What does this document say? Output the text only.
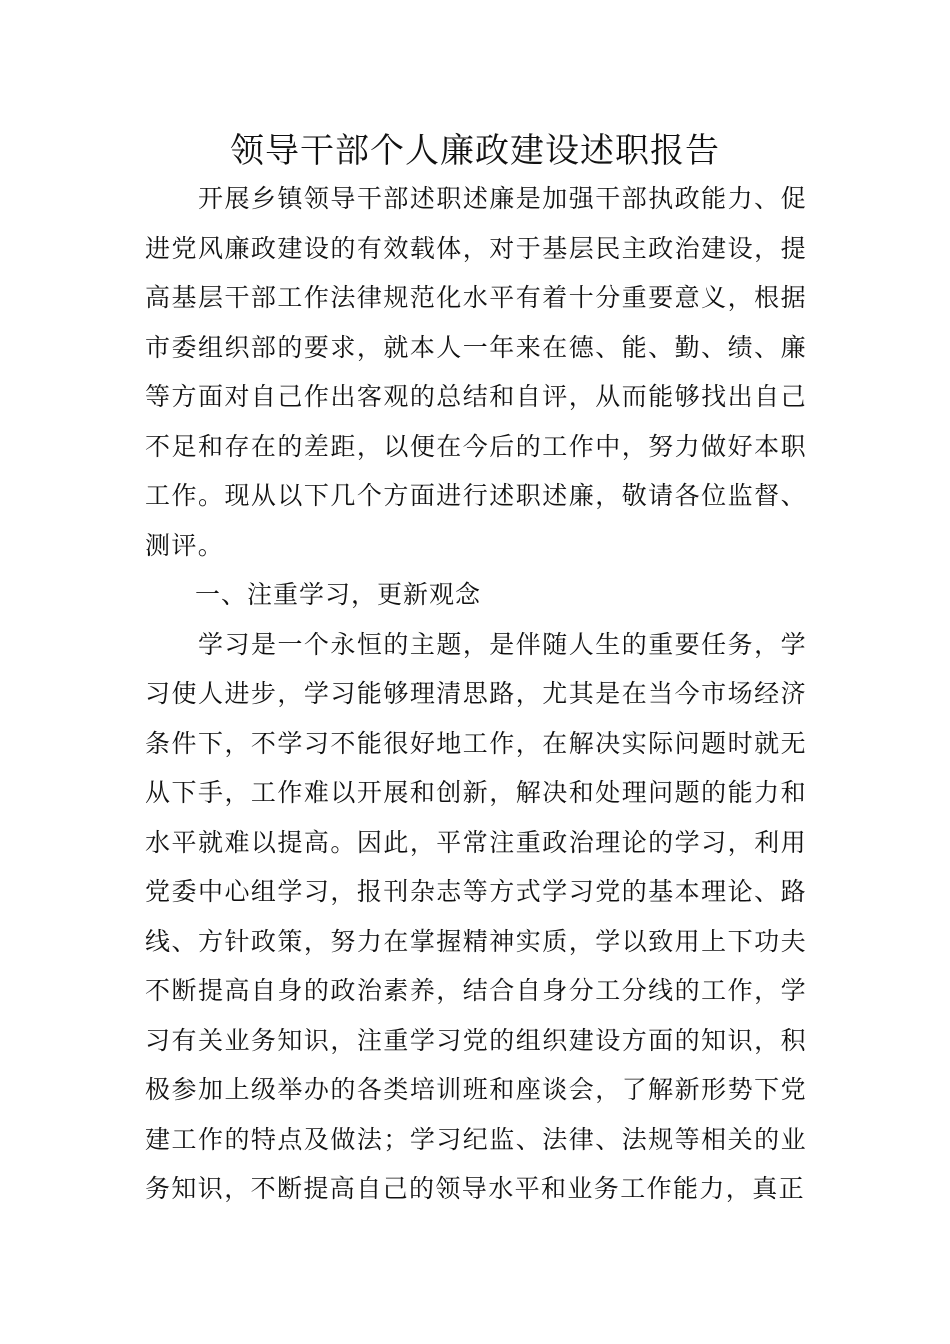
领导干部个人廉政建设述职报告

开展乡镇领导干部述职述廉是加强干部执政能力、促进党风廉政建设的有效载体，对于基层民主政治建设，提高基层干部工作法律规范化水平有着十分重要意义，根据市委组织部的要求，就本人一年来在德、能、勤、绩、廉等方面对自己作出客观的总结和自评，从而能够找出自己不足和存在的差距，以便在今后的工作中，努力做好本职工作。现从以下几个方面进行述职述廉，敬请各位监督、测评。

一、注重学习，更新观念

学习是一个永恒的主题，是伴随人生的重要任务，学习使人进步，学习能够理清思路，尤其是在当今市场经济条件下，不学习不能很好地工作，在解决实际问题时就无从下手，工作难以开展和创新，解决和处理问题的能力和水平就难以提高。因此，平常注重政治理论的学习，利用党委中心组学习，报刊杂志等方式学习党的基本理论、路线、方针政策，努力在掌握精神实质，学以致用上下功夫不断提高自身的政治素养，结合自身分工分线的工作，学习有关业务知识，注重学习党的组织建设方面的知识，积极参加上级举办的各类培训班和座谈会，了解新形势下党建工作的特点及做法；学习纪监、法律、法规等相关的业务知识，不断提高自己的领导水平和业务工作能力，真正
